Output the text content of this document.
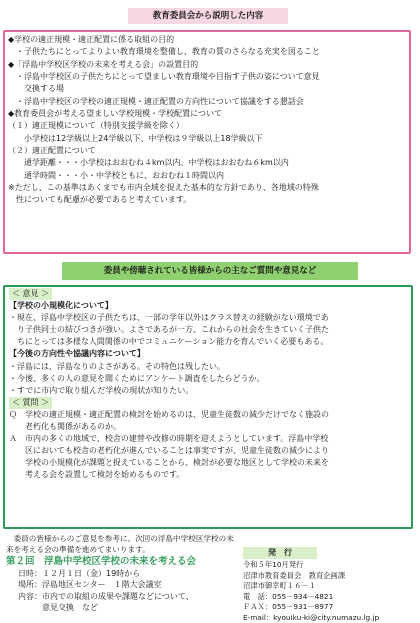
教育委員会から説明した内容

◆学校の適正規模・適正配置に係る取組の目的

　・子供たちにとってよりよい教育環境を整備し、教育の質のさらなる充実を図ること

◆「浮島中学校区学校の未来を考える会」の設置目的

　・浮島中学校区の子供たちにとって望ましい教育環境や目指す子供の姿について意見

　　交換する場

　・浮島中学校区の学校の適正規模・適正配置の方向性について協議をする懇話会

◆教育委員会が考える望ましい学校規模・学校配置について

（１）適正規模について（特別支援学級を除く）

　　小学校は12学級以上24学級以下、中学校は９学級以上18学級以下

（２）適正配置について

　　通学距離・・・小学校はおおむね４km以内、中学校はおおむね６km以内

　　通学時間・・・小・中学校ともに、おおむね１時間以内

※ただし、この基準はあくまでも市内全域を捉えた基本的な方針であり、各地域の特殊

　性についても配慮が必要であると考えています。

委員や傍聴されている皆様からの主なご質問や意見など

＜ 意見 ＞

【学校の小規模化について】

・現在、浮島中学校区の子供たちは、一部の学年以外はクラス替えの経験がない環境であ

　り子供同士の結びつきが強い。よさであるが一方、これからの社会を生きていく子供た

　ちにとっては多様な人間関係の中でコミュニケーション能力を育んでいく必要もある。

【今後の方向性や協議内容について】

・浮島には、浮島なりのよさがある。その特色は残したい。

・今後、多くの人の意見を聞くためにアンケート調査をしたらどうか。

・すでに市内で取り組んだ学校の現状が知りたい。

＜ 質問 ＞

Ｑ　学校の適正規模・適正配置の検討を始めるのは、児童生徒数の減少だけでなく施設の

　　老朽化も関係があるのか。

Ａ　市内の多くの地域で、校舎の建替や改修の時期を迎えようとしています。浮島中学校

　　区においても校舎の老朽化が進んでいることは事実ですが、児童生徒数の減少により

　　学校の小規模化が課題と捉えていることから、検討が必要な地区として学校の未来を

　　考える会を設置して検討を始めるものです。

　委員の皆様からのご意見を参考に、次回の浮島中学校区学校の未来を考える会の準備を進めてまいります。
第２回　浮島中学校区学校の未来を考える会

日時：１２月１日（金）19時から

場所：浮島地区センター　１階大会議室

内容：市内での取組の成果や課題などについて、

　　　意見交換　など

発　行

令和５年10月発行

沼津市教育委員会　教育企画課

沼津市御幸町１６－１

電　話：055－934－4821

ＦＡＸ：055－931－8977

E-mail：kyouiku-ki@city.numazu.lg.jp
